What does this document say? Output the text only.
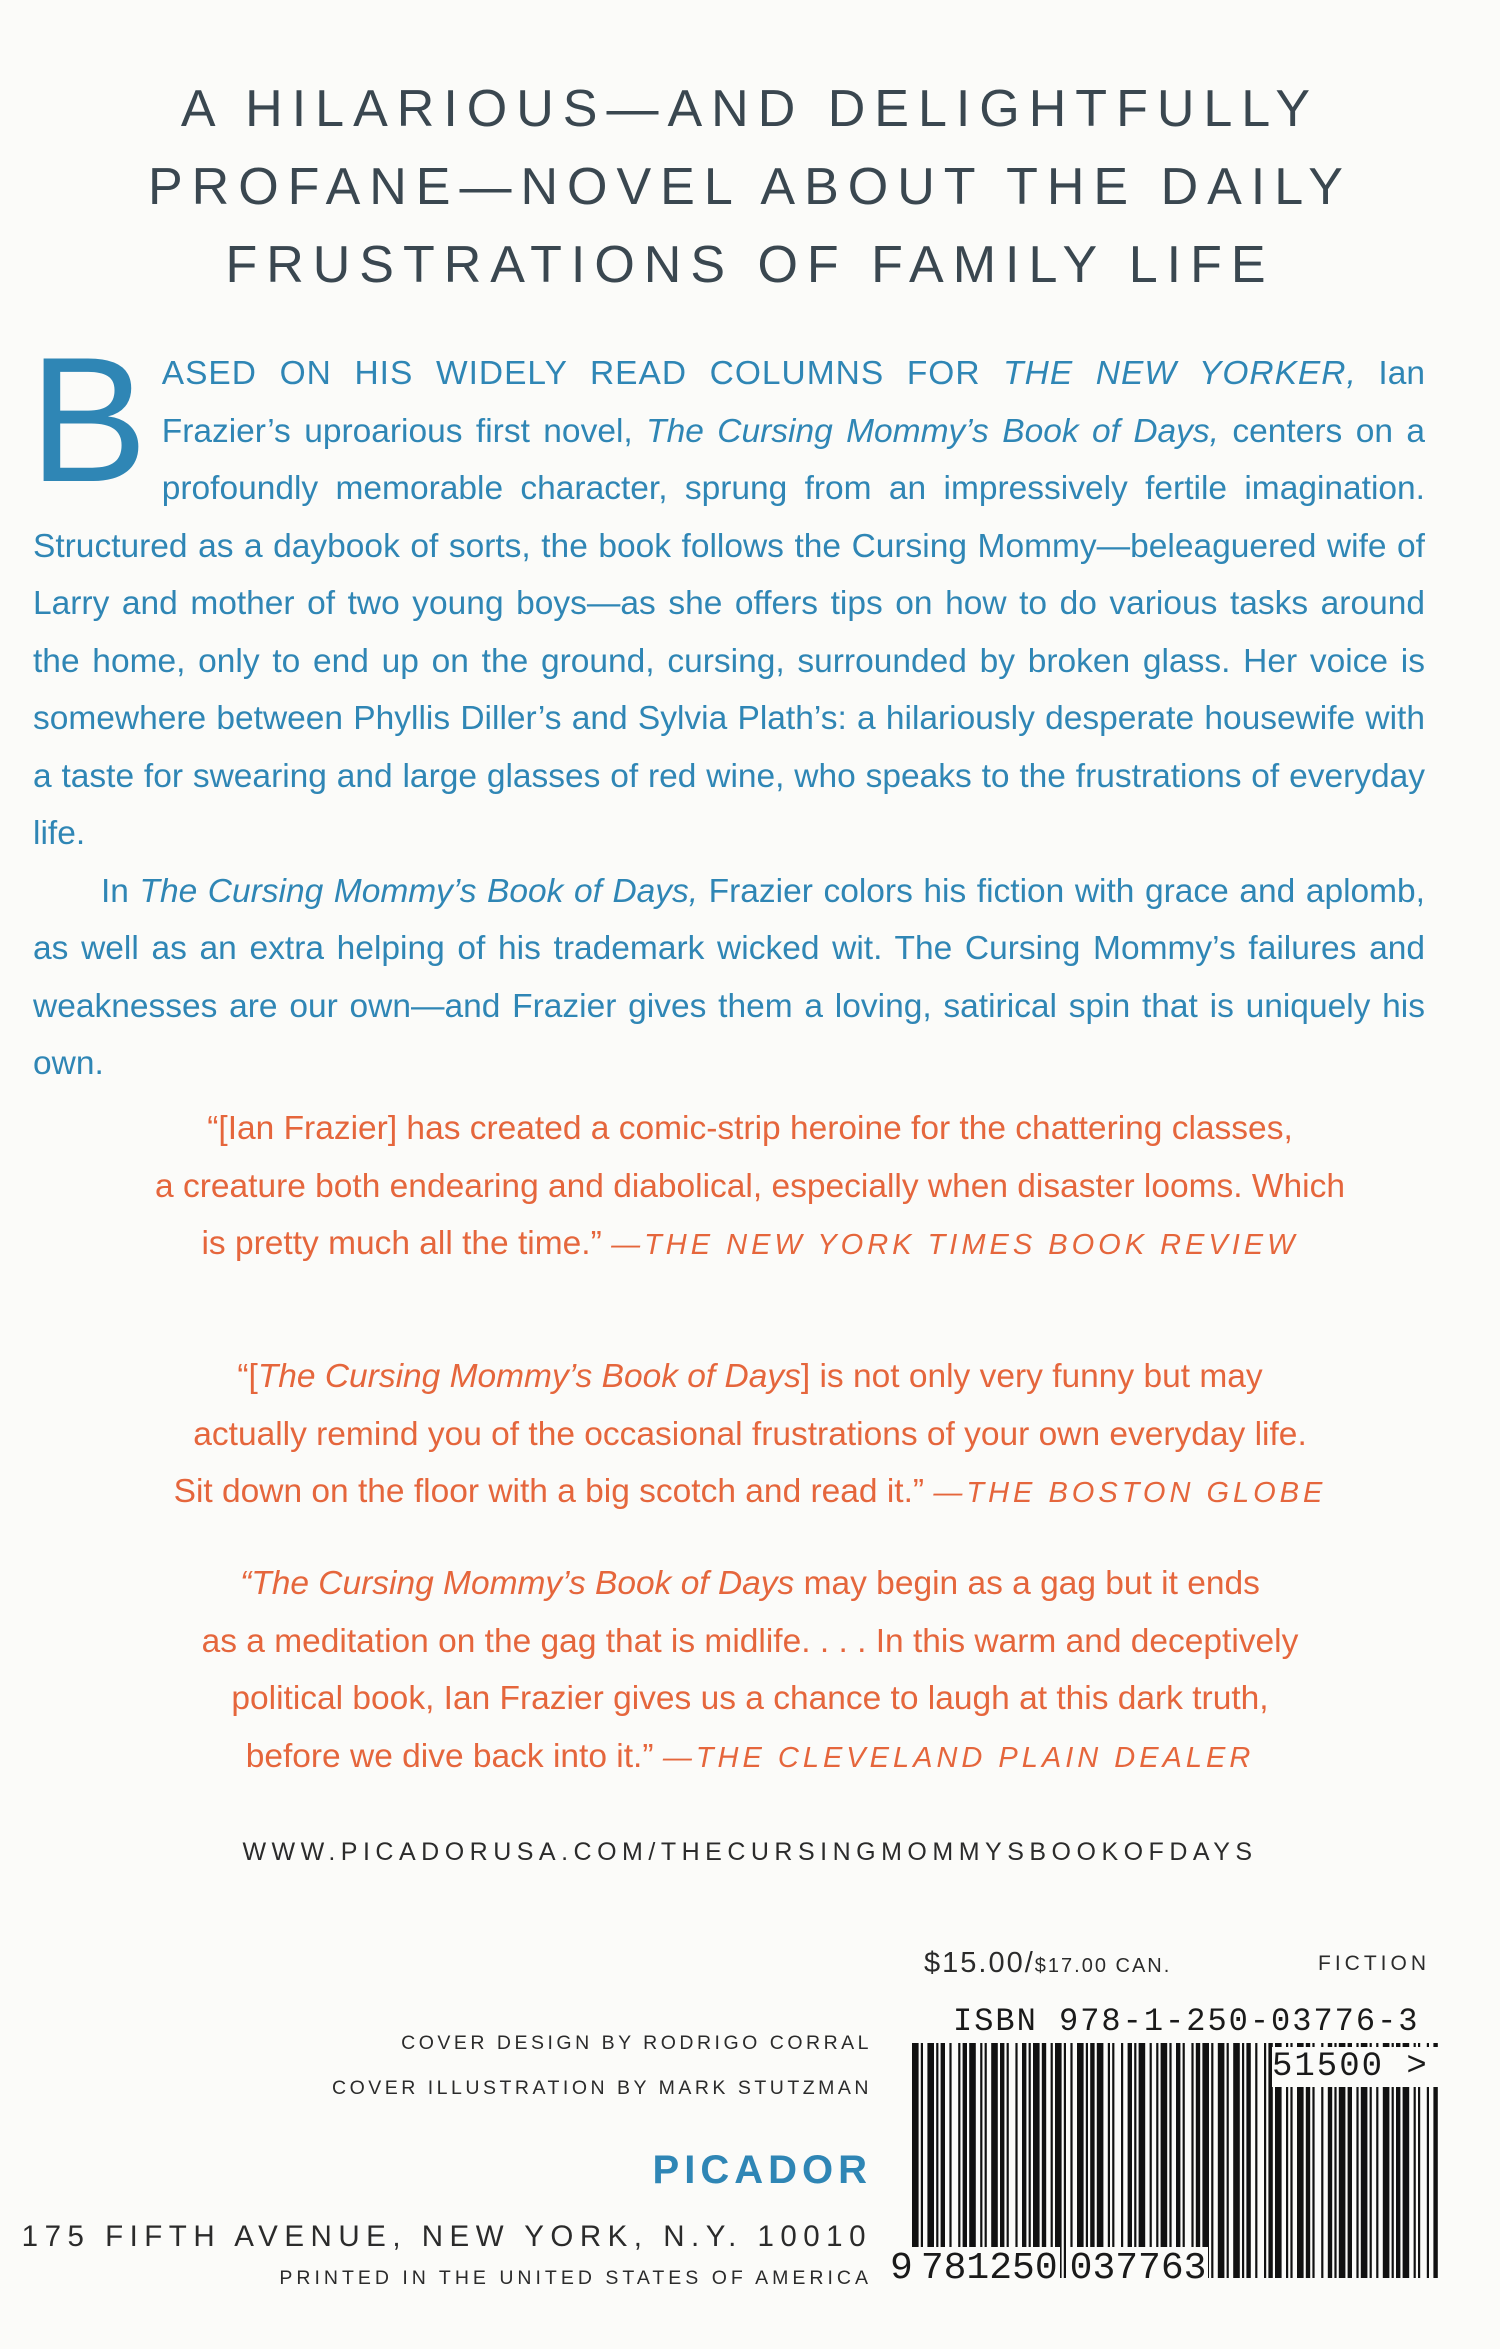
A HILARIOUS—AND DELIGHTFULLY
PROFANE—NOVEL ABOUT THE DAILY
FRUSTRATIONS OF FAMILY LIFE

BASED ON HIS WIDELY READ COLUMNS FOR THE NEW YORKER, Ian Frazier’s uproarious first novel, The Cursing Mommy’s Book of Days, centers on a profoundly memorable character, sprung from an impressively fertile imagination. Structured as a daybook of sorts, the book follows the Cursing Mommy—beleaguered wife of Larry and mother of two young boys—as she offers tips on how to do various tasks around the home, only to end up on the ground, cursing, surrounded by broken glass. Her voice is somewhere between Phyllis Diller’s and Sylvia Plath’s: a hilariously desperate housewife with a taste for swearing and large glasses of red wine, who speaks to the frustrations of everyday life.

In The Cursing Mommy’s Book of Days, Frazier colors his fiction with grace and aplomb, as well as an extra helping of his trademark wicked wit. The Cursing Mommy’s failures and weaknesses are our own—and Frazier gives them a loving, satirical spin that is uniquely his own.

“[Ian Frazier] has created a comic-strip heroine for the chattering classes,
a creature both endearing and diabolical, especially when disaster looms. Which
is pretty much all the time.” —THE NEW YORK TIMES BOOK REVIEW
“[The Cursing Mommy’s Book of Days] is not only very funny but may
actually remind you of the occasional frustrations of your own everyday life.
Sit down on the floor with a big scotch and read it.” —THE BOSTON GLOBE
“The Cursing Mommy’s Book of Days may begin as a gag but it ends
as a meditation on the gag that is midlife. . . . In this warm and deceptively
political book, Ian Frazier gives us a chance to laugh at this dark truth,
before we dive back into it.” —THE CLEVELAND PLAIN DEALER
WWW.PICADORUSA.COM/THECURSINGMOMMYSBOOKOFDAYS
COVER DESIGN BY RODRIGO CORRAL
COVER ILLUSTRATION BY MARK STUTZMAN
PICADOR
175 FIFTH AVENUE, NEW YORK, N.Y. 10010
PRINTED IN THE UNITED STATES OF AMERICA
$15.00/$17.00 CAN.	FICTION
ISBN 978-1-250-03776-3
51500 >
9 781250 037763
